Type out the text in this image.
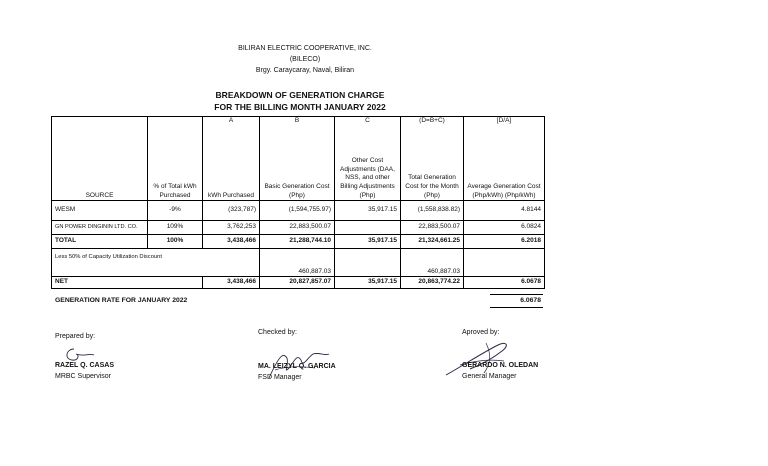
BILIRAN ELECTRIC COOPERATIVE, INC.
(BILECO)
Brgy. Caraycaray, Naval, Biliran
BREAKDOWN OF GENERATION CHARGE
FOR THE BILLING MONTH JANUARY 2022
		A	B	C	(D=B+C)	[D/A]
SOURCE	% of Total kWh Purchased	kWh Purchased	Basic Generation Cost (Php)	Other Cost Adjustments (DAA, NSS, and other Billing Adjustments (Php)	Total Generation Cost for the Month (Php)	Average Generation Cost (Php/kWh) (Php/kWh)
WESM	-9%	(323,787)	(1,594,755.97)	35,917.15	(1,558,838.82)	4.8144
GN POWER DINGININ LTD. CO.	109%	3,762,253	22,883,500.07		22,883,500.07	6.0824
TOTAL	100%	3,438,466	21,288,744.10	35,917.15	21,324,661.25	6.2018
Less 50% of Capacity Utilization Discount			460,887.03		460,887.03	
NET		3,438,466	20,827,857.07	35,917.15	20,863,774.22	6.0678
GENERATION RATE FOR JANUARY 2022	6.0678
Prepared by:
RAZEL Q. CASAS
MRBC Supervisor
Checked by:
MA. LEIZYL Q. GARCIA
FSD Manager
Aproved by:
GERARDO N. OLEDAN
General Manager
